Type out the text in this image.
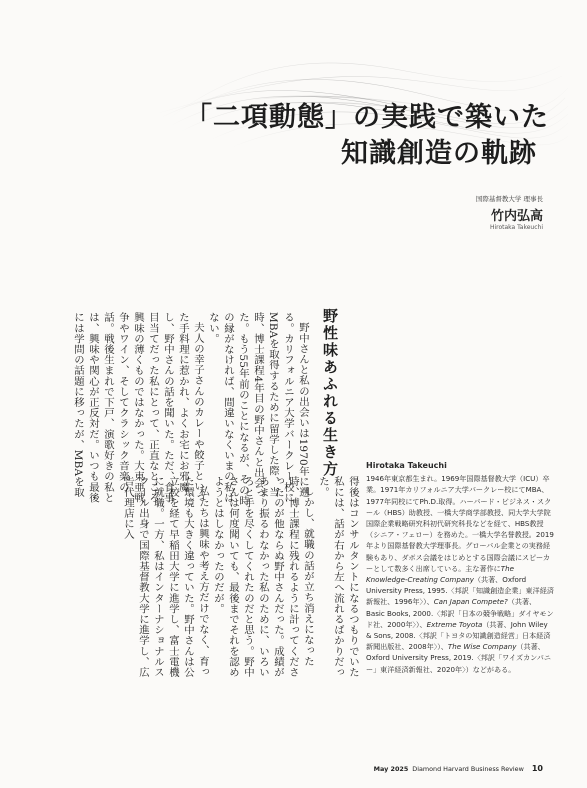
「二項動態」の実践で築いた
知識創造の軌跡
国際基督教大学 理事長
竹内弘高
Hirotaka Takeuchi
野性味あふれる生き方

野中さんと私の出会いは1970年に遡る。カリフォルニア大学バークレー校にMBAを取得するために留学した際、当時、博士課程4年目の野中さんと出会った。もう55年前のことになるが、その時の縁がなければ、間違いなくいまの私はない。

夫人の幸子さんのカレーや餃子といった手料理に惹かれ、よくお宅にお邪魔し、野中さんの話を聞いた。ただ、食事目当てだった私にとって、正直なところ興味の薄くものではなかった。大東亜戦争やワイン、そしてクラシック音楽の話。戦後生まれで下戸、演歌好きの私とは、興味や関心が正反対だ。いつも最後には学問の話題に移ったが、MBAを取

得後はコンサルタントになるつもりでいた私には、話が右から左へ流れるばかりだった。

しかし、就職の話が立ち消えになった時、博士課程に残れるように計ってくださったのが他ならぬ野中さんだった。成績があまり振るわなかった私のために、いろいろと手を尽くしてくれたのだと思う。野中さんは何度聞いても、最後までそれを認めようとはしなかったのだが。

私たちは興味や考え方だけでなく、育った環境も大きく違っていた。野中さんは公立校を経て早稲田大学に進学し、富士電機に就職。一方、私はインターナショナルスクール出身で国際基督教大学に進学し、広告代理店に入

Hirotaka Takeuchi
1946年東京都生まれ。1969年国際基督教大学（ICU）卒業。1971年カリフォルニア大学バークレー校にてMBA、1977年同校にてPh.D.取得。ハーバード・ビジネス・スクール（HBS）助教授、一橋大学商学部教授、同大学大学院国際企業戦略研究科初代研究科長などを経て、HBS教授（シニア・フェロー）を務めた。一橋大学名誉教授。2019年より国際基督教大学理事長。グローバル企業との実務経験もあり、ダボス会議をはじめとする国際会議にスピーカーとして数多く出席している。主な著作にThe Knowledge-Creating Company（共著、Oxford University Press, 1995.〈邦訳「知識創造企業」東洋経済新報社、1996年〉）、Can Japan Compete?（共著、Basic Books, 2000.〈邦訳「日本の競争戦略」ダイヤモンド社、2000年〉）、Extreme Toyota（共著、John Wiley & Sons, 2008.〈邦訳「トヨタの知識創造経営」日本経済新聞出版社、2008年〉）、The Wise Company（共著、Oxford University Press, 2019.〈邦訳「ワイズカンパニー」東洋経済新報社、2020年〉）などがある。
May 2025 Diamond Harvard Business Review 10
